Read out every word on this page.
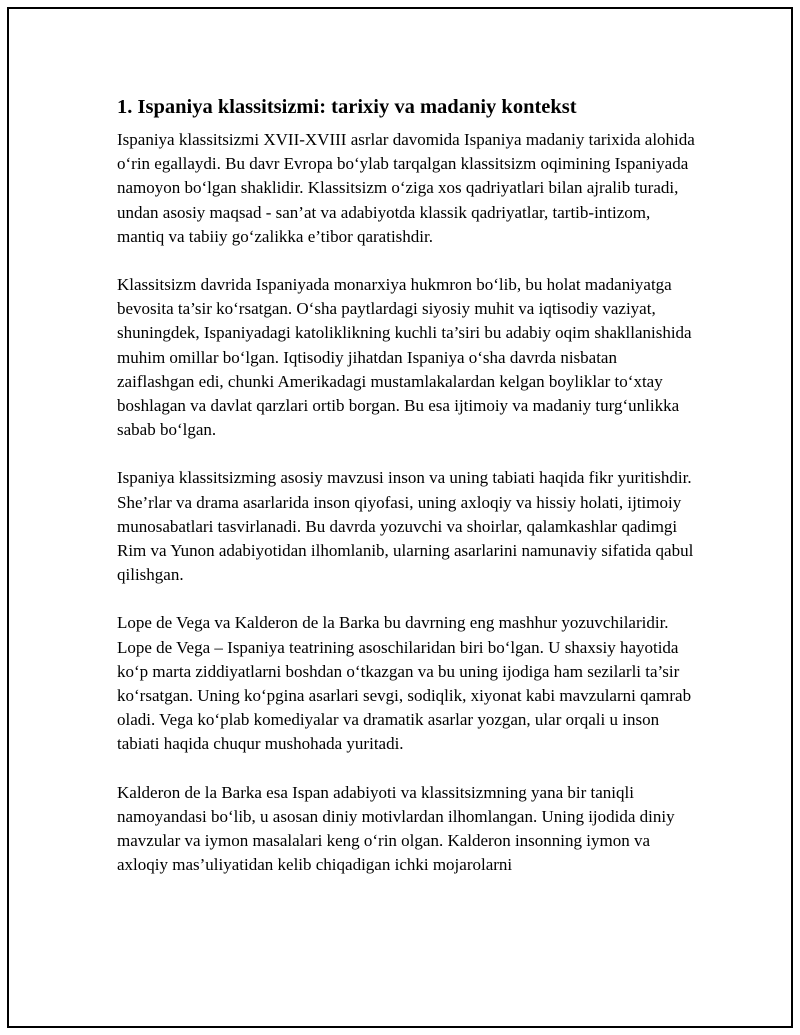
1. Ispaniya klassitsizmi: tarixiy va madaniy kontekst

Ispaniya klassitsizmi XVII-XVIII asrlar davomida Ispaniya madaniy tarixida alohida o‘rin egallaydi. Bu davr Evropa bo‘ylab tarqalgan klassitsizm oqimining Ispaniyada namoyon bo‘lgan shaklidir. Klassitsizm o‘ziga xos qadriyatlari bilan ajralib turadi, undan asosiy maqsad - san’at va adabiyotda klassik qadriyatlar, tartib-intizom, mantiq va tabiiy go‘zalikka e’tibor qaratishdir.

Klassitsizm davrida Ispaniyada monarxiya hukmron bo‘lib, bu holat madaniyatga bevosita ta’sir ko‘rsatgan. O‘sha paytlardagi siyosiy muhit va iqtisodiy vaziyat, shuningdek, Ispaniyadagi katoliklikning kuchli ta’siri bu adabiy oqim shakllanishida muhim omillar bo‘lgan. Iqtisodiy jihatdan Ispaniya o‘sha davrda nisbatan zaiflashgan edi, chunki Amerikadagi mustamlakalardan kelgan boyliklar to‘xtay boshlagan va davlat qarzlari ortib borgan. Bu esa ijtimoiy va madaniy turg‘unlikka sabab bo‘lgan.

Ispaniya klassitsizming asosiy mavzusi inson va uning tabiati haqida fikr yuritishdir. She’rlar va drama asarlarida inson qiyofasi, uning axloqiy va hissiy holati, ijtimoiy munosabatlari tasvirlanadi. Bu davrda yozuvchi va shoirlar, qalamkashlar qadimgi Rim va Yunon adabiyotidan ilhomlanib, ularning asarlarini namunaviy sifatida qabul qilishgan.

Lope de Vega va Kalderon de la Barka bu davrning eng mashhur yozuvchilaridir. Lope de Vega – Ispaniya teatrining asoschilaridan biri bo‘lgan. U shaxsiy hayotida ko‘p marta ziddiyatlarni boshdan o‘tkazgan va bu uning ijodiga ham sezilarli ta’sir ko‘rsatgan. Uning ko‘pgina asarlari sevgi, sodiqlik, xiyonat kabi mavzularni qamrab oladi. Vega ko‘plab komediyalar va dramatik asarlar yozgan, ular orqali u inson tabiati haqida chuqur mushohada yuritadi.

Kalderon de la Barka esa Ispan adabiyoti va klassitsizmning yana bir taniqli namoyandasi bo‘lib, u asosan diniy motivlardan ilhomlangan. Uning ijodida diniy mavzular va iymon masalalari keng o‘rin olgan. Kalderon insonning iymon va axloqiy mas’uliyatidan kelib chiqadigan ichki mojarolarni
